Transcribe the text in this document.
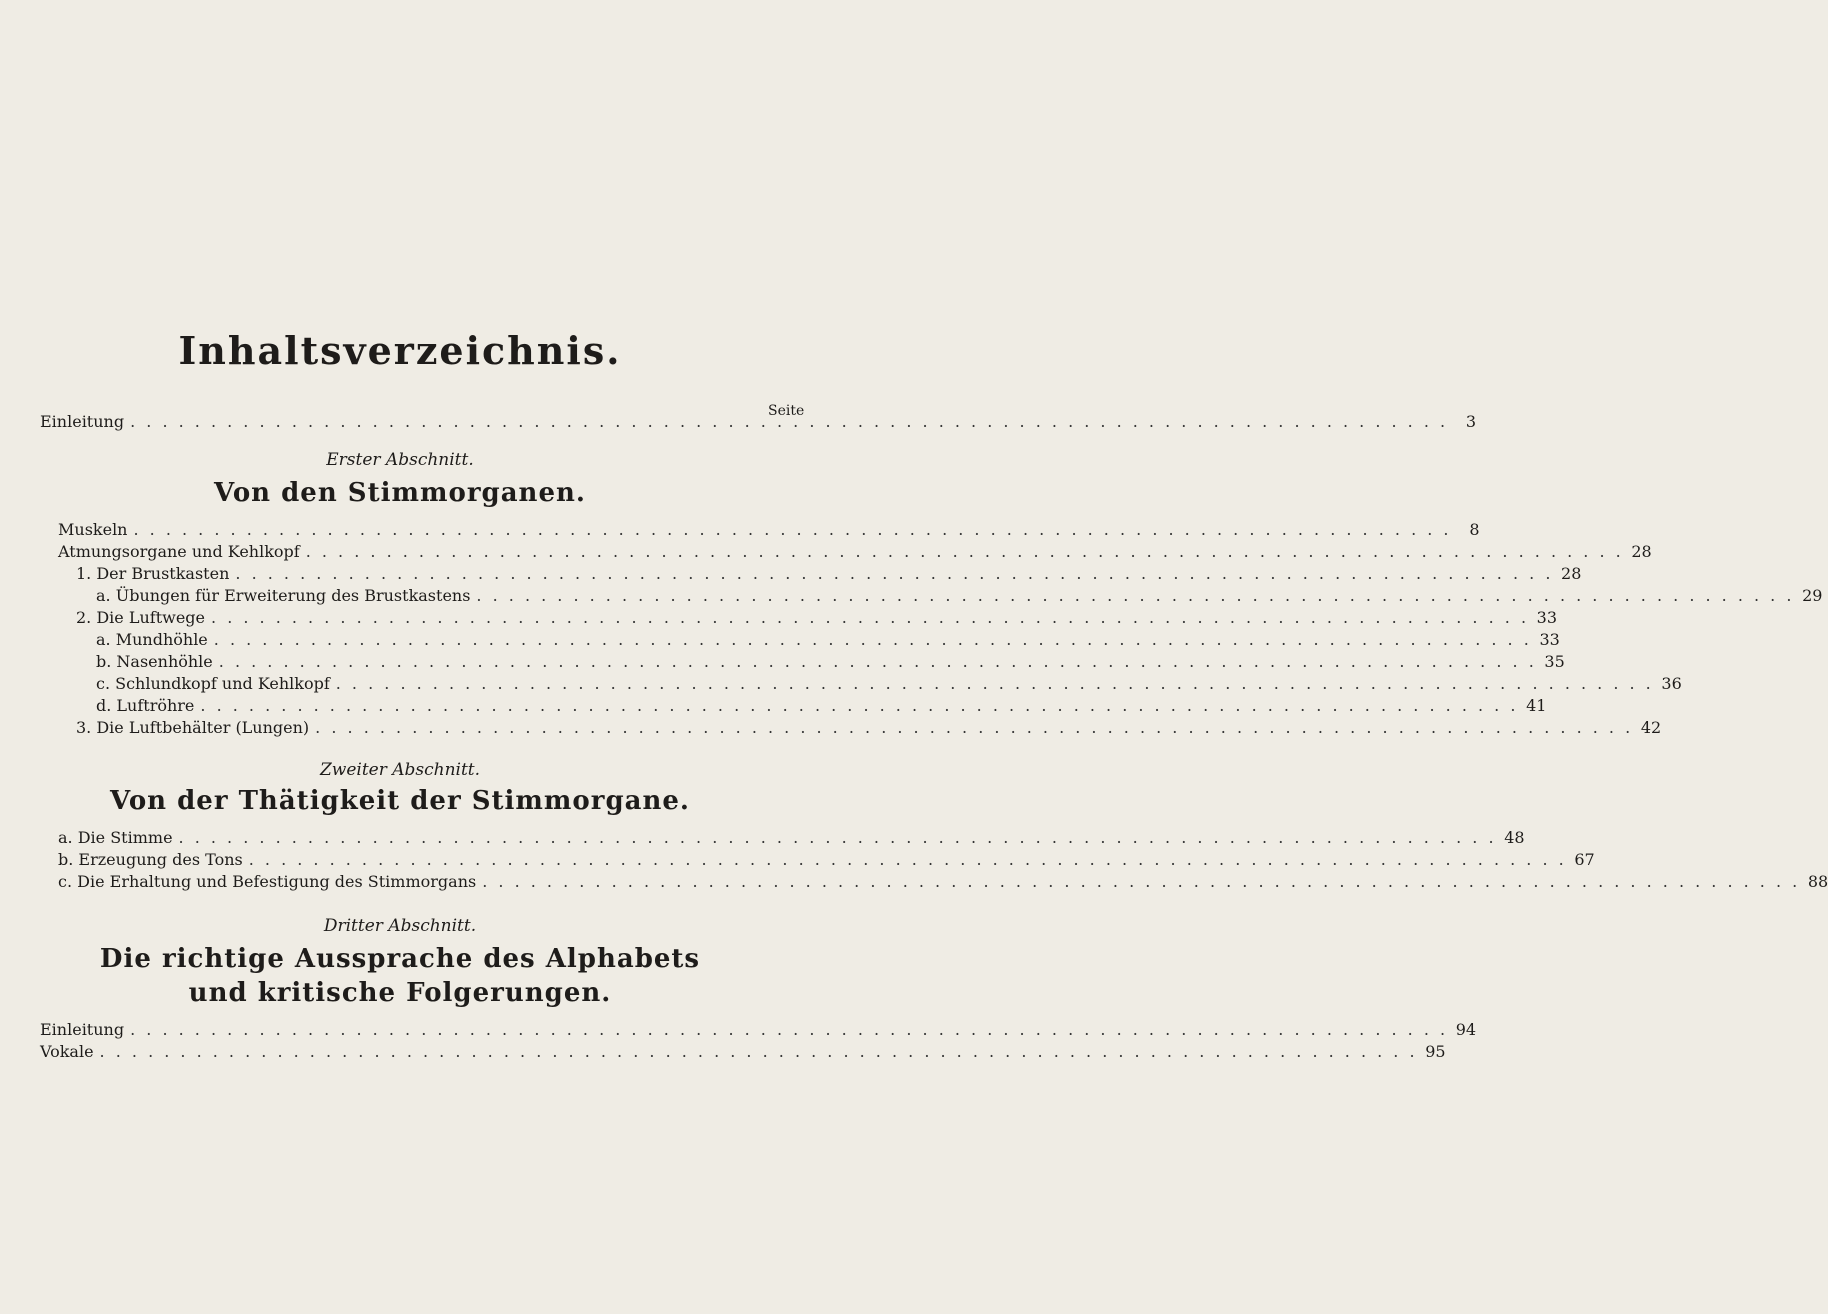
Inhaltsverzeichnis.
Seite
Einleitung . . .	3
Erster Abschnitt.
Von den Stimmorganen.
Muskeln . . .	8
Atmungsorgane und Kehlkopf . . .	28
1. Der Brustkasten . . .	28
a. Übungen für Erweiterung des Brustkastens . . .	29
2. Die Luftwege . . .	33
a. Mundhöhle . . .	33
b. Nasenhöhle . . .	35
c. Schlundkopf und Kehlkopf . . .	36
d. Luftröhre . . .	41
3. Die Luftbehälter (Lungen) . . .	42
Zweiter Abschnitt.
Von der Thätigkeit der Stimmorgane.
a. Die Stimme . . .	48
b. Erzeugung des Tons . . .	67
c. Die Erhaltung und Befestigung des Stimmorgans . . .	88
Dritter Abschnitt.
Die richtige Aussprache des Alphabets
und kritische Folgerungen.
Einleitung . . .	94
Vokale . . .	95
